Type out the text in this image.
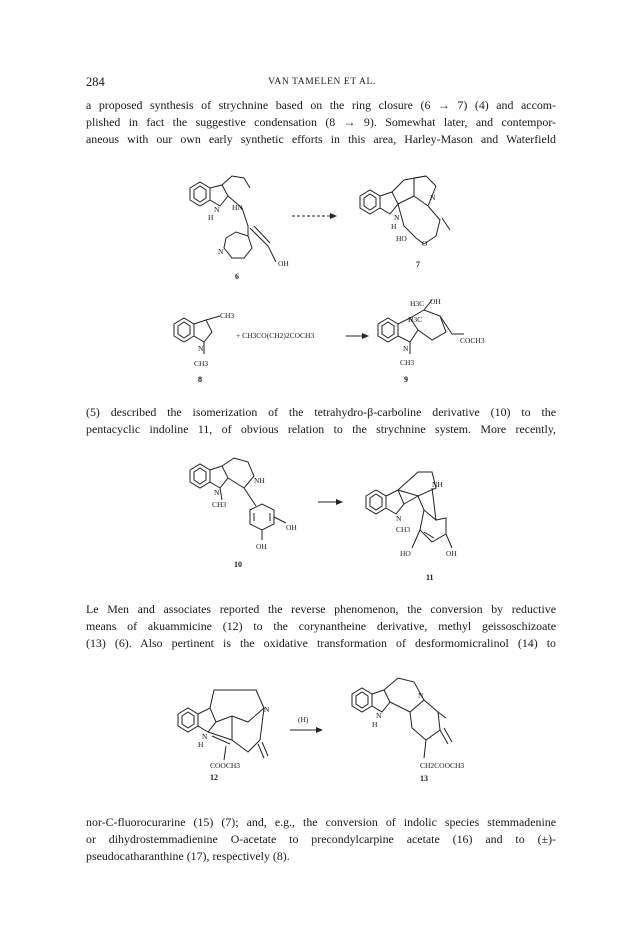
284	VAN TAMELEN ET AL.
a proposed synthesis of strychnine based on the ring closure (6 → 7) (4) and accom-
plished in fact the suggestive condensation (8 → 9). Somewhat later, and contempor-
aneous with our own early synthetic efforts in this area, Harley-Mason and Waterfield
N
H
HN
N
OH
6
N
H
N
HO
O
7
CH3
N
CH3
8
+ CH3CO(CH2)2COCH3
H3C OH
H3C
COCH3
N
CH3
9
(5) described the isomerization of the tetrahydro-β-carboline derivative (10) to the
pentacyclic indoline 11, of obvious relation to the strychnine system. More recently,
N
CH3
NH
OH
OH
10
NH
N
CH3
HO	OH
11
Le Men and associates reported the reverse phenomenon, the conversion by reductive
means of akuammicine (12) to the corynantheine derivative, methyl geissoschizoate
(13) (6). Also pertinent is the oxidative transformation of desformomicralinol (14) to
N
H
N
COOCH3
12
(H)	N
H
N
CH2COOCH3
13
nor-C-fluorocurarine (15) (7); and, e.g., the conversion of indolic species stemmadenine
or dihydrostemmadienine O-acetate to precondylcarpine acetate (16) and to (±)-
pseudocatharanthine (17), respectively (8).
